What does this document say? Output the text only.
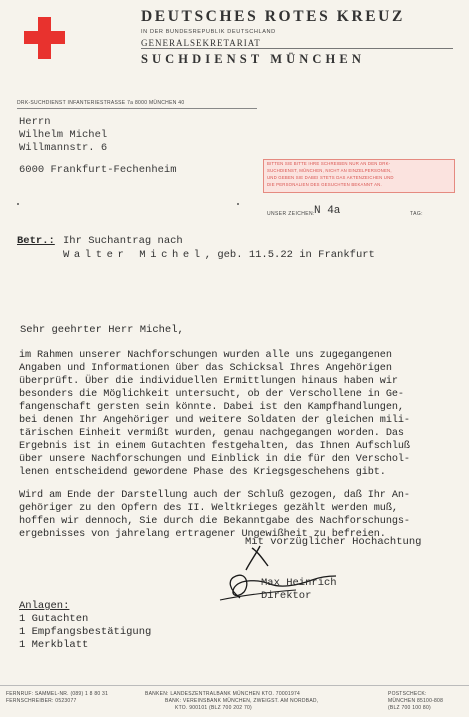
DEUTSCHES ROTES KREUZ
IN DER BUNDESREPUBLIK DEUTSCHLAND
GENERALSEKRETARIAT
SUCHDIENST MÜNCHEN
DRK-SUCHDIENST INFANTERIESTRASSE 7a 8000 MÜNCHEN 40
Herrn
Wilhelm Michel
Willmannstr. 6
6000 Frankfurt-Fechenheim
BITTEN SIE BITTE IHRE SCHREIBEN NUR AN DEN DRK-
SUCHDIENST, MÜNCHEN, NICHT AN EINZELPERSONEN,
UND GEBEN SIE DABEI STETS DAS AKTENZEICHEN UND
DIE PERSONALIEN DES GESUCHTEN BEKANNT AN.
UNSER ZEICHEN: N 4a	TAG:
Betr.: Ihr Suchantrag nach
Walter Michel, geb. 11.5.22 in Frankfurt
Sehr geehrter Herr Michel,
im Rahmen unserer Nachforschungen wurden alle uns zugegangenen
Angaben und Informationen über das Schicksal Ihres Angehörigen
überprüft. Über die individuellen Ermittlungen hinaus haben wir
besonders die Möglichkeit untersucht, ob der Verschollene in Ge-
fangenschaft gersten sein könnte. Dabei ist den Kampfhandlungen,
bei denen Ihr Angehöriger und weitere Soldaten der gleichen mili-
tärischen Einheit vermißt wurden, genau nachgegangen worden. Das
Ergebnis ist in einem Gutachten festgehalten, das Ihnen Aufschluß
über unsere Nachforschungen und Einblick in die für den Verschol-
lenen entscheidend gewordene Phase des Kriegsgeschehens gibt.
Wird am Ende der Darstellung auch der Schluß gezogen, daß Ihr An-
gehöriger zu den Opfern des II. Weltkrieges gezählt werden muß,
hoffen wir dennoch, Sie durch die Bekanntgabe des Nachforschungs-
ergebnisses von jahrelang ertragener Ungewißheit zu befreien.
Mit vorzüglicher Hochachtung
Max Heinrich
Direktor
Anlagen:
1 Gutachten
1 Empfangsbestätigung
1 Merkblatt
FERNRUF: SAMMEL-NR. (089) 1 8 80 31
FERNSCHREIBER: 0523077
BANKEN: LANDESZENTRALBANK MÜNCHEN KTO. 70001974
BANK: VEREINSBANK MÜNCHEN, ZWEIGST. AM NORDBAD,
KTO. 900101 (BLZ 700 202 70)
POSTSCHECK:
MÜNCHEN 85100-808
(BLZ 700 100 80)
